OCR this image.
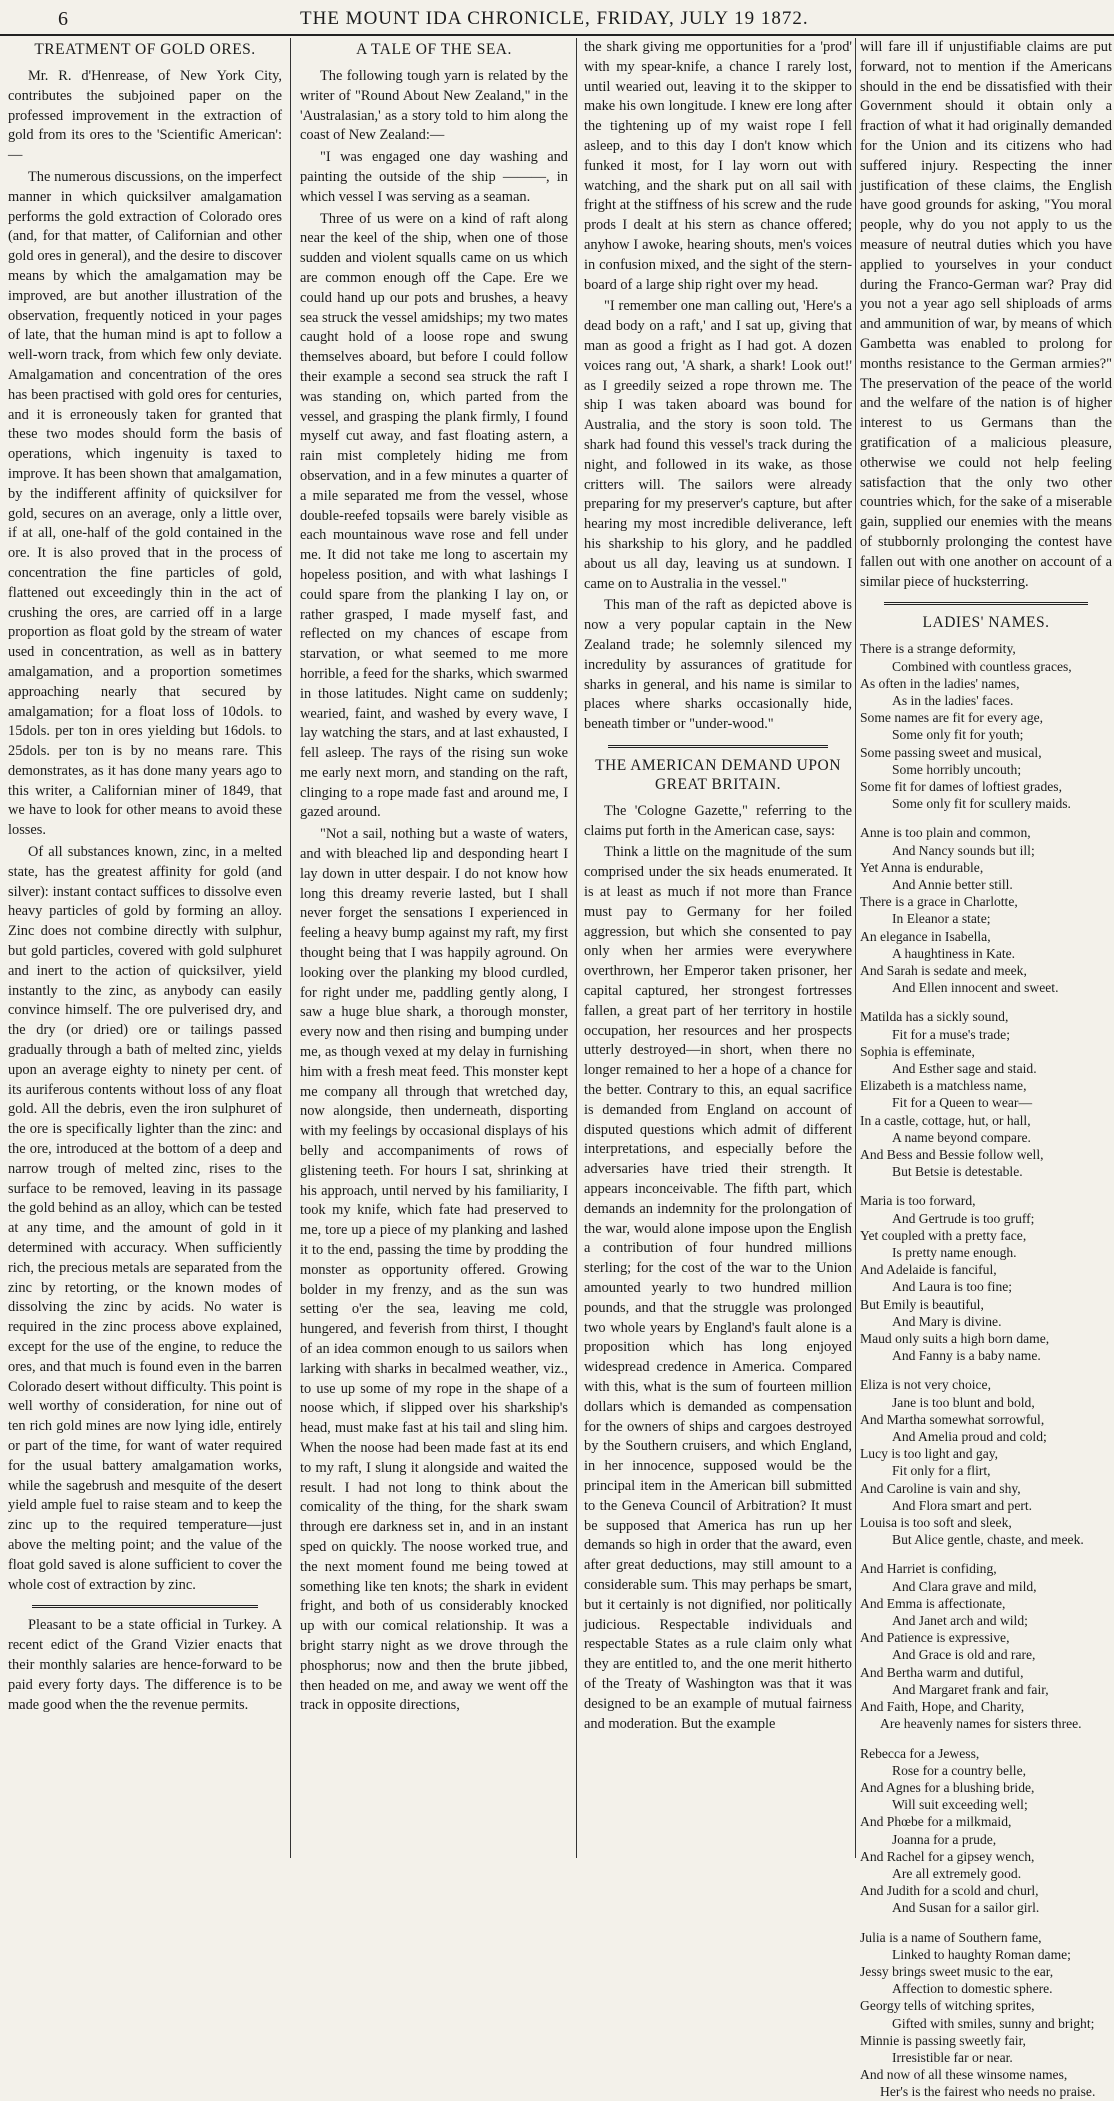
6	THE MOUNT IDA CHRONICLE, FRIDAY, JULY 19 1872.
TREATMENT OF GOLD ORES.

Mr. R. d'Henrease, of New York City, contributes the subjoined paper on the professed improvement in the extraction of gold from its ores to the 'Scientific American':—

The numerous discussions, on the imperfect manner in which quicksilver amalgamation performs the gold extraction of Colorado ores (and, for that matter, of Californian and other gold ores in general), and the desire to discover means by which the amalgamation may be improved, are but another illustration of the observation, frequently noticed in your pages of late, that the human mind is apt to follow a well-worn track, from which few only deviate. Amalgamation and concentration of the ores has been practised with gold ores for centuries, and it is erroneously taken for granted that these two modes should form the basis of operations, which ingenuity is taxed to improve. It has been shown that amalgamation, by the indifferent affinity of quicksilver for gold, secures on an average, only a little over, if at all, one-half of the gold contained in the ore. It is also proved that in the process of concentration the fine particles of gold, flattened out exceedingly thin in the act of crushing the ores, are carried off in a large proportion as float gold by the stream of water used in concentration, as well as in battery amalgamation, and a proportion sometimes approaching nearly that secured by amalgamation; for a float loss of 10dols. to 15dols. per ton in ores yielding but 16dols. to 25dols. per ton is by no means rare. This demonstrates, as it has done many years ago to this writer, a Californian miner of 1849, that we have to look for other means to avoid these losses.

Of all substances known, zinc, in a melted state, has the greatest affinity for gold (and silver): instant contact suffices to dissolve even heavy particles of gold by forming an alloy. Zinc does not combine directly with sulphur, but gold particles, covered with gold sulphuret and inert to the action of quicksilver, yield instantly to the zinc, as anybody can easily convince himself. The ore pulverised dry, and the dry (or dried) ore or tailings passed gradually through a bath of melted zinc, yields upon an average eighty to ninety per cent. of its auriferous contents without loss of any float gold. All the debris, even the iron sulphuret of the ore is specifically lighter than the zinc: and the ore, introduced at the bottom of a deep and narrow trough of melted zinc, rises to the surface to be removed, leaving in its passage the gold behind as an alloy, which can be tested at any time, and the amount of gold in it determined with accuracy. When sufficiently rich, the precious metals are separated from the zinc by retorting, or the known modes of dissolving the zinc by acids. No water is required in the zinc process above explained, except for the use of the engine, to reduce the ores, and that much is found even in the barren Colorado desert without difficulty. This point is well worthy of consideration, for nine out of ten rich gold mines are now lying idle, entirely or part of the time, for want of water required for the usual battery amalgamation works, while the sagebrush and mesquite of the desert yield ample fuel to raise steam and to keep the zinc up to the required temperature—just above the melting point; and the value of the float gold saved is alone sufficient to cover the whole cost of extraction by zinc.

Pleasant to be a state official in Turkey. A recent edict of the Grand Vizier enacts that their monthly salaries are hence-forward to be paid every forty days. The difference is to be made good when the the revenue permits.

A TALE OF THE SEA.

The following tough yarn is related by the writer of "Round About New Zealand," in the 'Australasian,' as a story told to him along the coast of New Zealand:—

"I was engaged one day washing and painting the outside of the ship ———, in which vessel I was serving as a seaman.

Three of us were on a kind of raft along near the keel of the ship, when one of those sudden and violent squalls came on us which are common enough off the Cape. Ere we could hand up our pots and brushes, a heavy sea struck the vessel amidships; my two mates caught hold of a loose rope and swung themselves aboard, but before I could follow their example a second sea struck the raft I was standing on, which parted from the vessel, and grasping the plank firmly, I found myself cut away, and fast floating astern, a rain mist completely hiding me from observation, and in a few minutes a quarter of a mile separated me from the vessel, whose double-reefed topsails were barely visible as each mountainous wave rose and fell under me. It did not take me long to ascertain my hopeless position, and with what lashings I could spare from the planking I lay on, or rather grasped, I made myself fast, and reflected on my chances of escape from starvation, or what seemed to me more horrible, a feed for the sharks, which swarmed in those latitudes. Night came on suddenly; wearied, faint, and washed by every wave, I lay watching the stars, and at last exhausted, I fell asleep. The rays of the rising sun woke me early next morn, and standing on the raft, clinging to a rope made fast and around me, I gazed around.

"Not a sail, nothing but a waste of waters, and with bleached lip and desponding heart I lay down in utter despair. I do not know how long this dreamy reverie lasted, but I shall never forget the sensations I experienced in feeling a heavy bump against my raft, my first thought being that I was happily aground. On looking over the planking my blood curdled, for right under me, paddling gently along, I saw a huge blue shark, a thorough monster, every now and then rising and bumping under me, as though vexed at my delay in furnishing him with a fresh meat feed. This monster kept me company all through that wretched day, now alongside, then underneath, disporting with my feelings by occasional displays of his belly and accompaniments of rows of glistening teeth. For hours I sat, shrinking at his approach, until nerved by his familiarity, I took my knife, which fate had preserved to me, tore up a piece of my planking and lashed it to the end, passing the time by prodding the monster as opportunity offered. Growing bolder in my frenzy, and as the sun was setting o'er the sea, leaving me cold, hungered, and feverish from thirst, I thought of an idea common enough to us sailors when larking with sharks in becalmed weather, viz., to use up some of my rope in the shape of a noose which, if slipped over his sharkship's head, must make fast at his tail and sling him. When the noose had been made fast at its end to my raft, I slung it alongside and waited the result. I had not long to think about the comicality of the thing, for the shark swam through ere darkness set in, and in an instant sped on quickly. The noose worked true, and the next moment found me being towed at something like ten knots; the shark in evident fright, and both of us considerably knocked up with our comical relationship. It was a bright starry night as we drove through the phosphorus; now and then the brute jibbed, then headed on me, and away we went off the track in opposite directions,

the shark giving me opportunities for a 'prod' with my spear-knife, a chance I rarely lost, until wearied out, leaving it to the skipper to make his own longitude. I knew ere long after the tightening up of my waist rope I fell asleep, and to this day I don't know which funked it most, for I lay worn out with watching, and the shark put on all sail with fright at the stiffness of his screw and the rude prods I dealt at his stern as chance offered; anyhow I awoke, hearing shouts, men's voices in confusion mixed, and the sight of the stern-board of a large ship right over my head.

"I remember one man calling out, 'Here's a dead body on a raft,' and I sat up, giving that man as good a fright as I had got. A dozen voices rang out, 'A shark, a shark! Look out!' as I greedily seized a rope thrown me. The ship I was taken aboard was bound for Australia, and the story is soon told. The shark had found this vessel's track during the night, and followed in its wake, as those critters will. The sailors were already preparing for my preserver's capture, but after hearing my most incredible deliverance, left his sharkship to his glory, and he paddled about us all day, leaving us at sundown. I came on to Australia in the vessel."

This man of the raft as depicted above is now a very popular captain in the New Zealand trade; he solemnly silenced my incredulity by assurances of gratitude for sharks in general, and his name is similar to places where sharks occasionally hide, beneath timber or "under-wood."

THE AMERICAN DEMAND UPON GREAT BRITAIN.

The 'Cologne Gazette," referring to the claims put forth in the American case, says:

Think a little on the magnitude of the sum comprised under the six heads enumerated. It is at least as much if not more than France must pay to Germany for her foiled aggression, but which she consented to pay only when her armies were everywhere overthrown, her Emperor taken prisoner, her capital captured, her strongest fortresses fallen, a great part of her territory in hostile occupation, her resources and her prospects utterly destroyed—in short, when there no longer remained to her a hope of a chance for the better. Contrary to this, an equal sacrifice is demanded from England on account of disputed questions which admit of different interpretations, and especially before the adversaries have tried their strength. It appears inconceivable. The fifth part, which demands an indemnity for the prolongation of the war, would alone impose upon the English a contribution of four hundred millions sterling; for the cost of the war to the Union amounted yearly to two hundred million pounds, and that the struggle was prolonged two whole years by England's fault alone is a proposition which has long enjoyed widespread credence in America. Compared with this, what is the sum of fourteen million dollars which is demanded as compensation for the owners of ships and cargoes destroyed by the Southern cruisers, and which England, in her innocence, supposed would be the principal item in the American bill submitted to the Geneva Council of Arbitration? It must be supposed that America has run up her demands so high in order that the award, even after great deductions, may still amount to a considerable sum. This may perhaps be smart, but it certainly is not dignified, nor politically judicious. Respectable individuals and respectable States as a rule claim only what they are entitled to, and the one merit hitherto of the Treaty of Washington was that it was designed to be an example of mutual fairness and moderation. But the example

will fare ill if unjustifiable claims are put forward, not to mention if the Americans should in the end be dissatisfied with their Government should it obtain only a fraction of what it had originally demanded for the Union and its citizens who had suffered injury. Respecting the inner justification of these claims, the English have good grounds for asking, "You moral people, why do you not apply to us the measure of neutral duties which you have applied to yourselves in your conduct during the Franco-German war? Pray did you not a year ago sell shiploads of arms and ammunition of war, by means of which Gambetta was enabled to prolong for months resistance to the German armies?" The preservation of the peace of the world and the welfare of the nation is of higher interest to us Germans than the gratification of a malicious pleasure, otherwise we could not help feeling satisfaction that the only two other countries which, for the sake of a miserable gain, supplied our enemies with the means of stubbornly prolonging the contest have fallen out with one another on account of a similar piece of hucksterring.

LADIES' NAMES.
There is a strange deformity,
Combined with countless graces,
As often in the ladies' names,
As in the ladies' faces.
Some names are fit for every age,
Some only fit for youth;
Some passing sweet and musical,
Some horribly uncouth;
Some fit for dames of loftiest grades,
Some only fit for scullery maids.
Anne is too plain and common,
And Nancy sounds but ill;
Yet Anna is endurable,
And Annie better still.
There is a grace in Charlotte,
In Eleanor a state;
An elegance in Isabella,
A haughtiness in Kate.
And Sarah is sedate and meek,
And Ellen innocent and sweet.
Matilda has a sickly sound,
Fit for a muse's trade;
Sophia is effeminate,
And Esther sage and staid.
Elizabeth is a matchless name,
Fit for a Queen to wear—
In a castle, cottage, hut, or hall,
A name beyond compare.
And Bess and Bessie follow well,
But Betsie is detestable.
Maria is too forward,
And Gertrude is too gruff;
Yet coupled with a pretty face,
Is pretty name enough.
And Adelaide is fanciful,
And Laura is too fine;
But Emily is beautiful,
And Mary is divine.
Maud only suits a high born dame,
And Fanny is a baby name.
Eliza is not very choice,
Jane is too blunt and bold,
And Martha somewhat sorrowful,
And Amelia proud and cold;
Lucy is too light and gay,
Fit only for a flirt,
And Caroline is vain and shy,
And Flora smart and pert.
Louisa is too soft and sleek,
But Alice gentle, chaste, and meek.
And Harriet is confiding,
And Clara grave and mild,
And Emma is affectionate,
And Janet arch and wild;
And Patience is expressive,
And Grace is old and rare,
And Bertha warm and dutiful,
And Margaret frank and fair,
And Faith, Hope, and Charity,
Are heavenly names for sisters three.
Rebecca for a Jewess,
Rose for a country belle,
And Agnes for a blushing bride,
Will suit exceeding well;
And Phœbe for a milkmaid,
Joanna for a prude,
And Rachel for a gipsey wench,
Are all extremely good.
And Judith for a scold and churl,
And Susan for a sailor girl.
Julia is a name of Southern fame,
Linked to haughty Roman dame;
Jessy brings sweet music to the ear,
Affection to domestic sphere.
Georgy tells of witching sprites,
Gifted with smiles, sunny and bright;
Minnie is passing sweetly fair,
Irresistible far or near.
And now of all these winsome names,
Her's is the fairest who needs no praise.
